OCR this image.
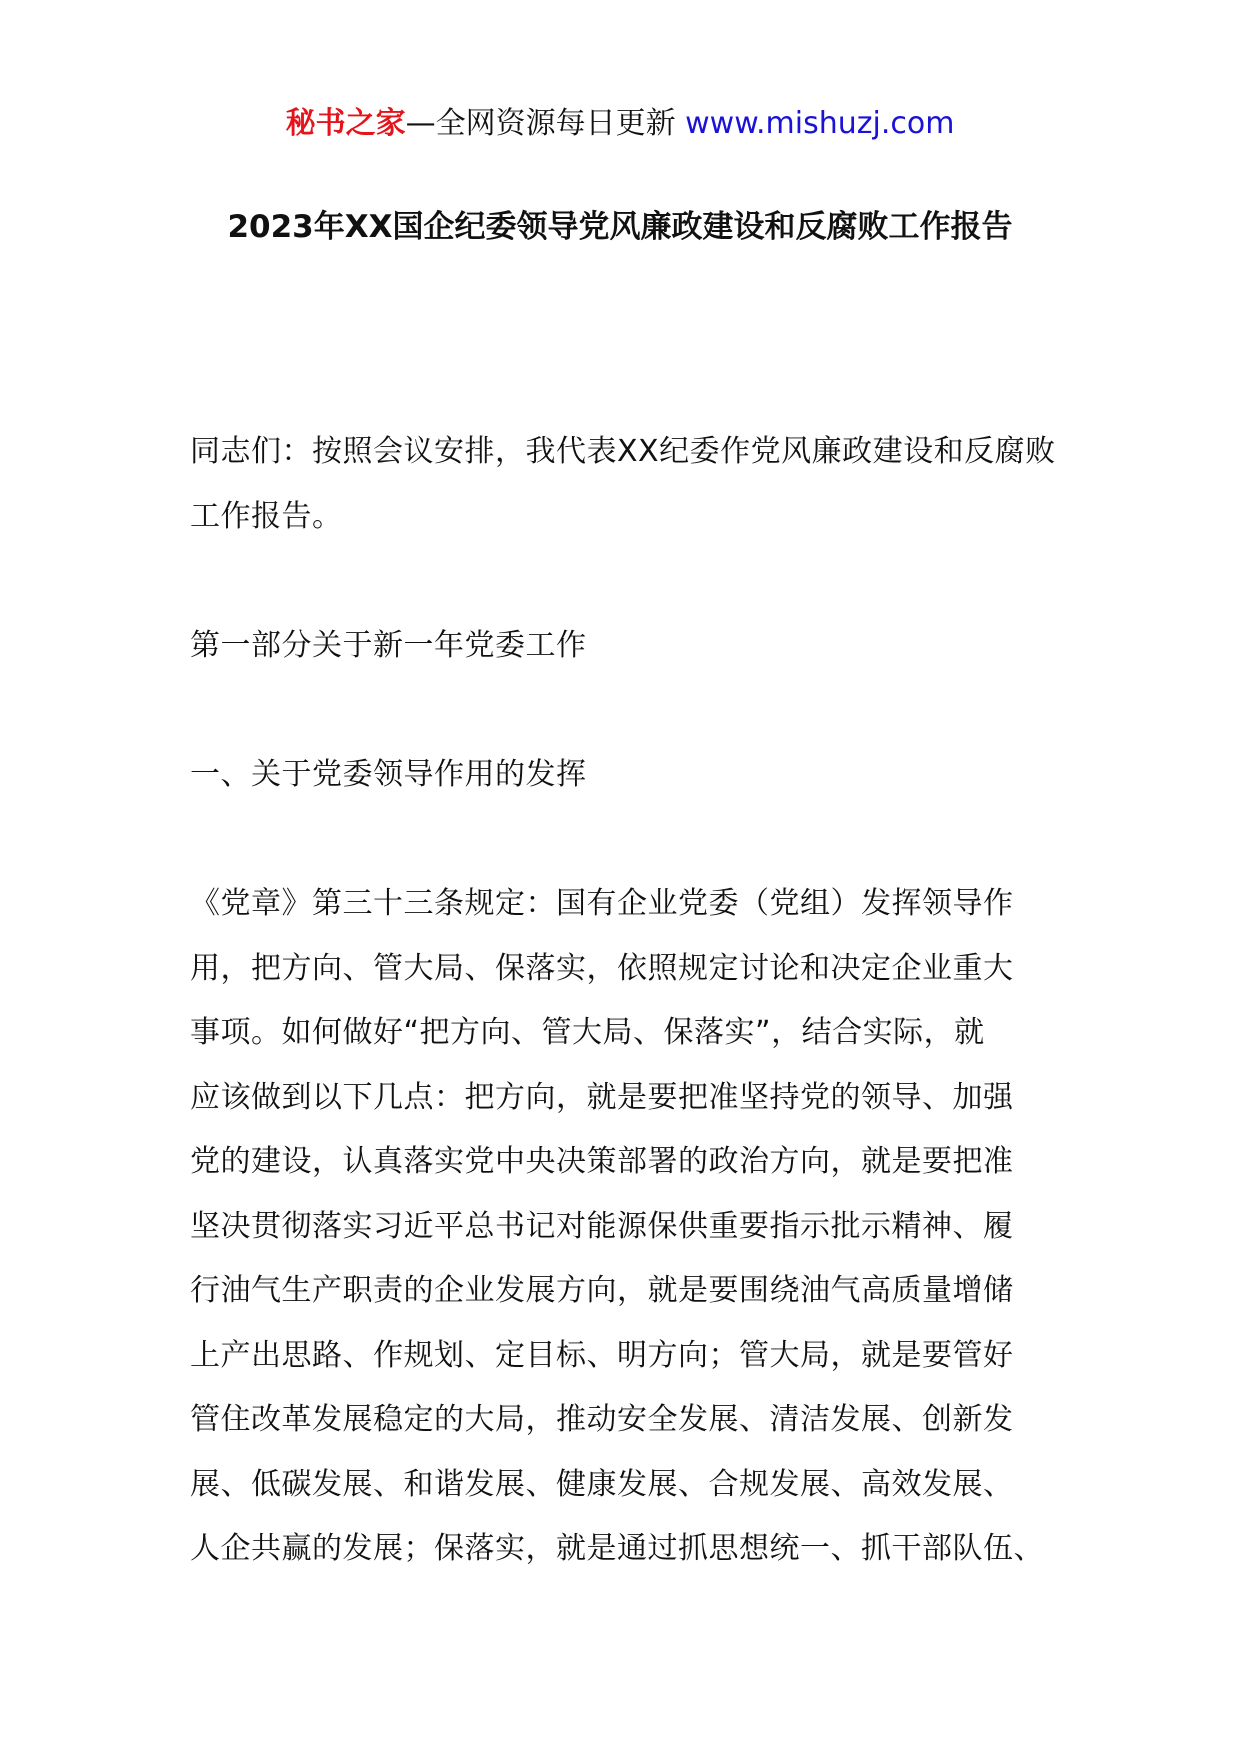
秘书之家—全网资源每日更新 www.mishuzj.com
2023年XX国企纪委领导党风廉政建设和反腐败工作报告
同志们：按照会议安排，我代表XX纪委作党风廉政建设和反腐败工作报告。
第一部分关于新一年党委工作
一、关于党委领导作用的发挥
《党章》第三十三条规定：国有企业党委（党组）发挥领导作
用，把方向、管大局、保落实，依照规定讨论和决定企业重大
事项。如何做好“把方向、管大局、保落实”，结合实际，就
应该做到以下几点：把方向，就是要把准坚持党的领导、加强
党的建设，认真落实党中央决策部署的政治方向，就是要把准
坚决贯彻落实习近平总书记对能源保供重要指示批示精神、履
行油气生产职责的企业发展方向，就是要围绕油气高质量增储
上产出思路、作规划、定目标、明方向；管大局，就是要管好
管住改革发展稳定的大局，推动安全发展、清洁发展、创新发
展、低碳发展、和谐发展、健康发展、合规发展、高效发展、
人企共赢的发展；保落实，就是通过抓思想统一、抓干部队伍、
